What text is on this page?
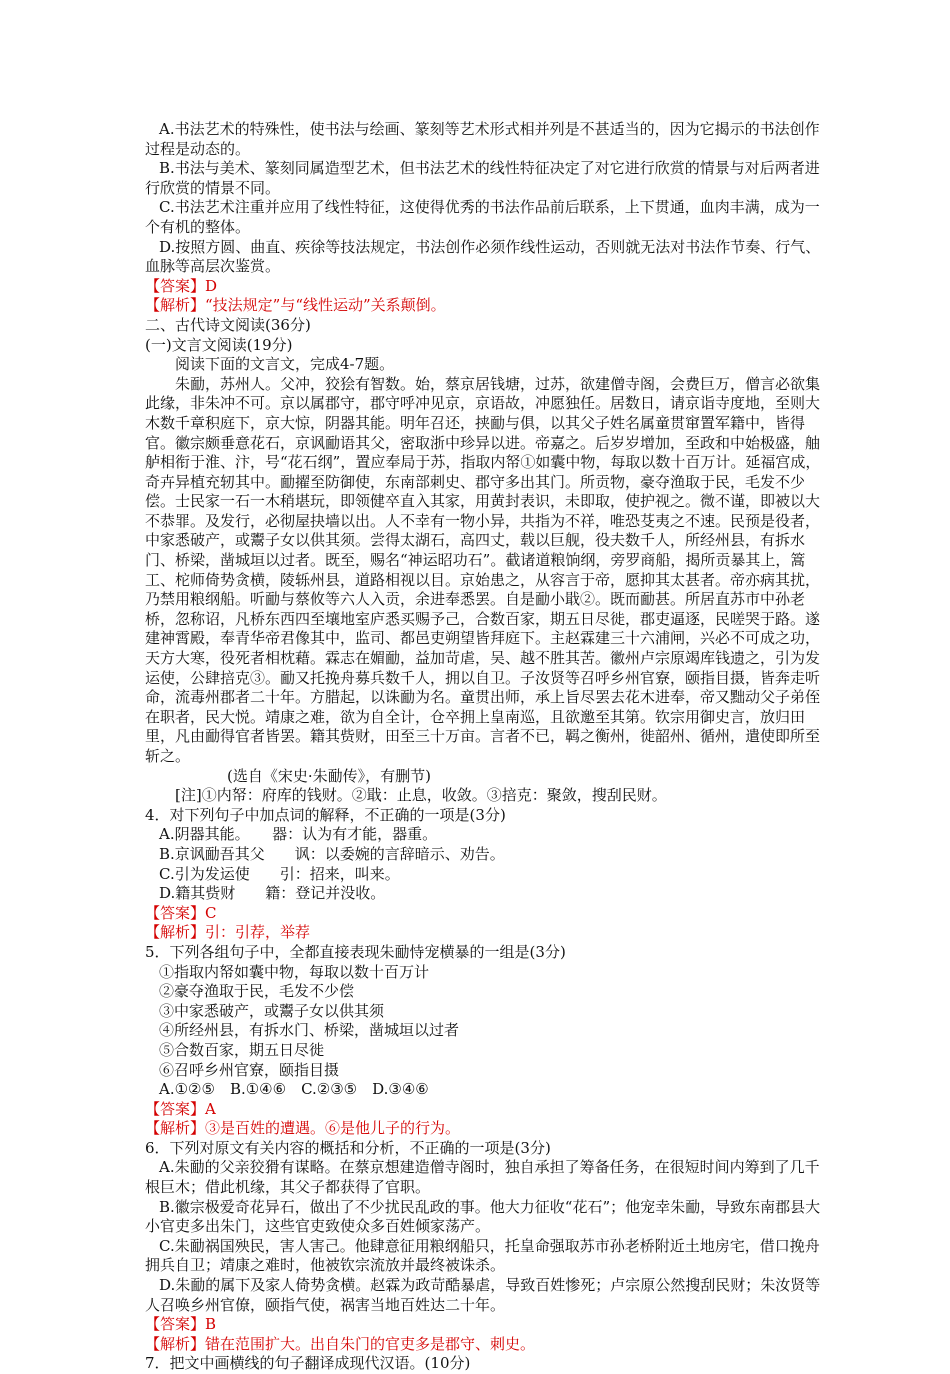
A.书法艺术的特殊性，使书法与绘画、篆刻等艺术形式相并列是不甚适当的，因为它揭示的书法创作过程是动态的。

B.书法与美术、篆刻同属造型艺术，但书法艺术的线性特征决定了对它进行欣赏的情景与对后两者进行欣赏的情景不同。

C.书法艺术注重并应用了线性特征，这使得优秀的书法作品前后联系，上下贯通，血肉丰满，成为一个有机的整体。

D.按照方圆、曲直、疾徐等技法规定，书法创作必须作线性运动，否则就无法对书法作节奏、行气、血脉等高层次鉴赏。

【答案】D

【解析】“技法规定”与“线性运动”关系颠倒。

二、古代诗文阅读(36分)

(一)文言文阅读(19分)

阅读下面的文言文，完成4-7题。

朱勔，苏州人。父冲，狡狯有智数。始，蔡京居钱塘，过苏，欲建僧寺阁，会费巨万，僧言必欲集此缘，非朱冲不可。京以属郡守，郡守呼冲见京，京语故，冲愿独任。居数日，请京诣寺度地，至则大木数千章积庭下，京大惊，阴器其能。明年召还，挟勔与俱，以其父子姓名属童贯窜置军籍中，皆得官。徽宗颇垂意花石，京讽勔语其父，密取浙中珍异以进。帝嘉之。后岁岁增加，至政和中始极盛，舳舻相衔于淮、汴，号“花石纲”，置应奉局于苏，指取内帑①如囊中物，每取以数十百万计。延福宫成，奇卉异植充轫其中。勔擢至防御使，东南部刺史、郡守多出其门。所贡物，豪夺渔取于民，毛发不少偿。士民家一石一木稍堪玩，即领健卒直入其家，用黄封表识，未即取，使护视之。微不谨，即被以大不恭罪。及发行，必彻屋抉墙以出。人不幸有一物小异，共指为不祥，唯恐芟夷之不速。民预是役者，中家悉破产，或鬻子女以供其须。尝得太湖石，高四丈，载以巨舰，役夫数千人，所经州县，有拆水门、桥梁，凿城垣以过者。既至，赐名“神运昭功石”。截诸道粮饷纲，旁罗商船，揭所贡暴其上，篙工、柁师倚势贪横，陵轹州县，道路相视以目。京始患之，从容言于帝，愿抑其太甚者。帝亦病其扰，乃禁用粮纲船。听勔与蔡攸等六人入贡，余进奉悉罢。自是勔小戢②。既而勔甚。所居直苏市中孙老桥，忽称诏，凡桥东西四至壤地室庐悉买赐予己，合数百家，期五日尽徙，郡吏逼逐，民嗟哭于路。遂建神霄殿，奉青华帝君像其中，监司、都邑吏朔望皆拜庭下。主赵霖建三十六浦闸，兴必不可成之功，天方大寒，役死者相枕藉。霖志在媚勔，益加苛虐，吴、越不胜其苦。徽州卢宗原竭库钱遗之，引为发运使，公肆掊克③。勔又托挽舟募兵数千人，拥以自卫。子汝贤等召呼乡州官寮，颐指目摄，皆奔走听命，流毒州郡者二十年。方腊起，以诛勔为名。童贯出师，承上旨尽罢去花木进奉，帝又黜动父子弟侄在职者，民大悦。靖康之难，欲为自全计，仓卒拥上皇南巡，且欲邀至其第。钦宗用御史言，放归田里，凡由勔得官者皆罢。籍其赀财，田至三十万亩。言者不已，羁之衡州，徙韶州、循州，遣使即所至斩之。

(选自《宋史·朱勔传》，有删节)

[注]①内帑：府库的钱财。②戢：止息，收敛。③掊克：聚敛，搜刮民财。

4．对下列句子中加点词的解释，不正确的一项是(3分)

A.阴器其能。　　器：认为有才能，器重。

B.京讽勔吾其父　　讽：以委婉的言辞暗示、劝告。

C.引为发运使　　引：招来，叫来。

D.籍其赀财　　籍：登记并没收。

【答案】C

【解析】引：引荐，举荐

5．下列各组句子中，全都直接表现朱勔恃宠横暴的一组是(3分)

①指取内帑如囊中物，每取以数十百万计

②豪夺渔取于民，毛发不少偿

③中家悉破产，或鬻子女以供其须

④所经州县，有拆水门、桥梁，凿城垣以过者

⑤合数百家，期五日尽徙

⑥召呼乡州官寮，颐指目摄

A.①②⑤　B.①④⑥　C.②③⑤　D.③④⑥

【答案】A

【解析】③是百姓的遭遇。⑥是他儿子的行为。

6．下列对原文有关内容的概括和分析，不正确的一项是(3分)

A.朱勔的父亲狡猾有谋略。在蔡京想建造僧寺阁时，独自承担了筹备任务，在很短时间内筹到了几千根巨木；借此机缘，其父子都获得了官职。

B.徽宗极爱奇花异石，做出了不少扰民乱政的事。他大力征收“花石”；他宠幸朱勔，导致东南郡县大小官吏多出朱门，这些官吏致使众多百姓倾家荡产。

C.朱勔祸国殃民，害人害己。他肆意征用粮纲船只，托皇命强取苏市孙老桥附近土地房宅，借口挽舟拥兵自卫；靖康之难时，他被钦宗流放并最终被诛杀。

D.朱勔的属下及家人倚势贪横。赵霖为政苛酷暴虐，导致百姓惨死；卢宗原公然搜刮民财；朱汝贤等人召唤乡州官僚，颐指气使，祸害当地百姓达二十年。

【答案】B

【解析】错在范围扩大。出自朱门的官吏多是郡守、刺史。

7．把文中画横线的句子翻译成现代汉语。(10分)
